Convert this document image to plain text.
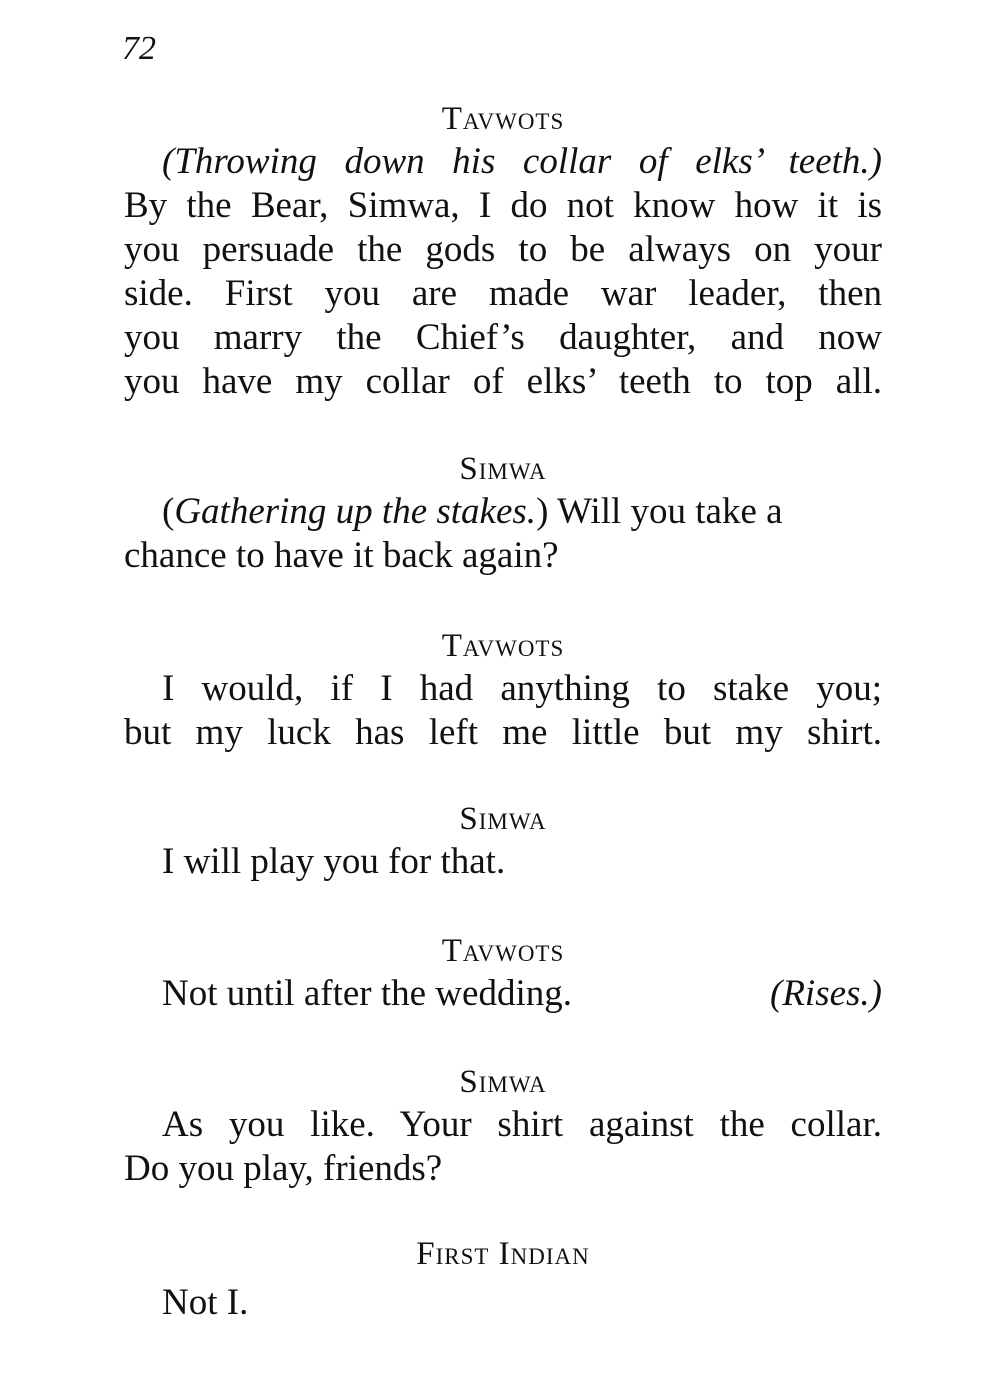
72
Tavwots
(Throwing down his collar of elks’ teeth.)
By the Bear, Simwa, I do not know how it is
you persuade the gods to be always on your
side. First you are made war leader, then
you marry the Chief’s daughter, and now
you have my collar of elks’ teeth to top all.
Simwa
(Gathering up the stakes.) Will you take a
chance to have it back again?
Tavwots
I would, if I had anything to stake you;
but my luck has left me little but my shirt.
Simwa
I will play you for that.
Tavwots
Not until after the wedding.	(Rises.)
Simwa
As you like. Your shirt against the collar.
Do you play, friends?
First Indian
Not I.
